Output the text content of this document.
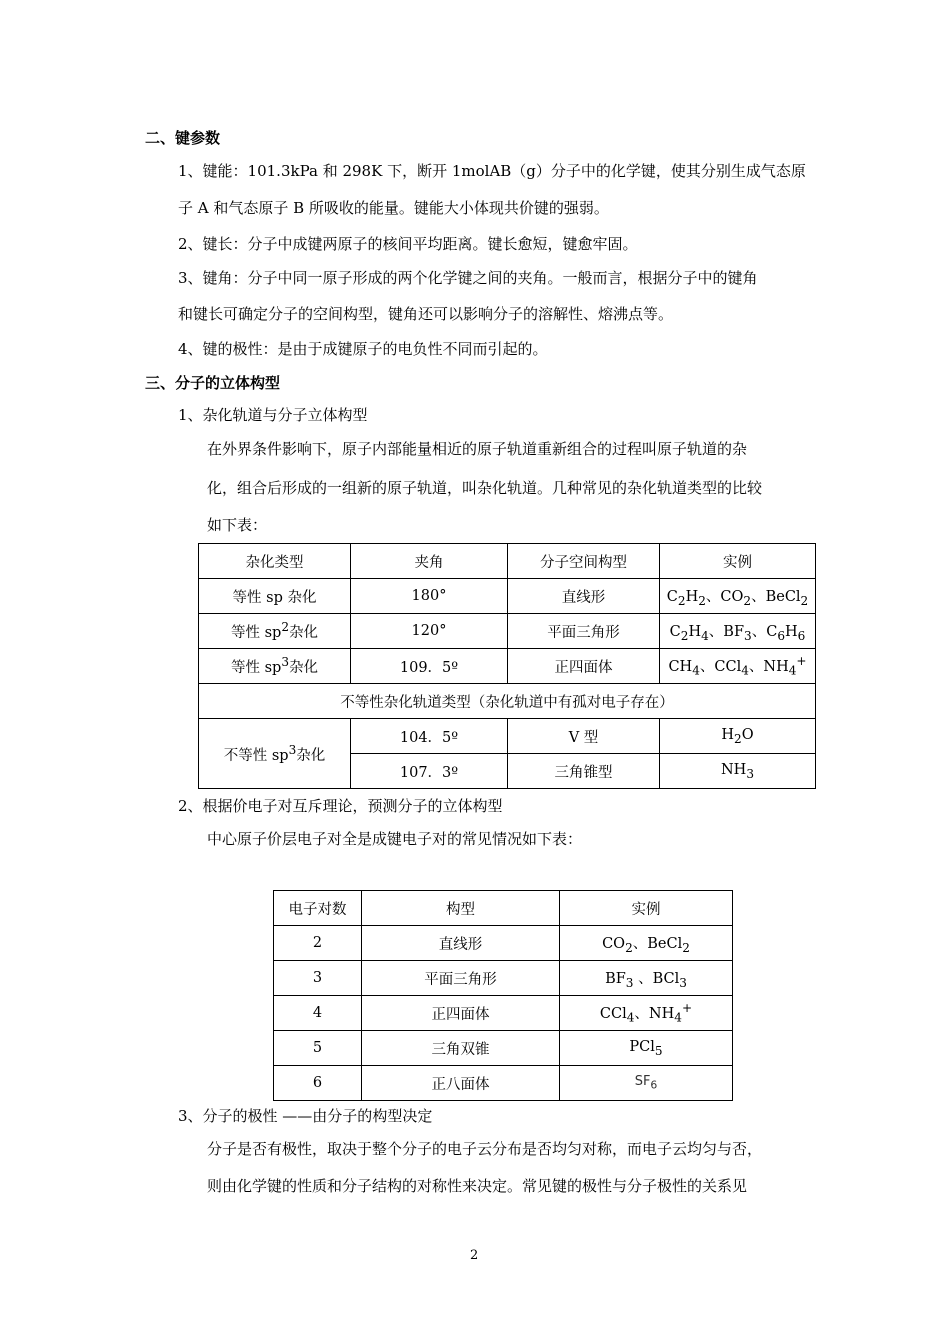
二、键参数
1、键能：101.3kPa 和 298K 下，断开 1molAB（g）分子中的化学键，使其分别生成气态原
子 A 和气态原子 B 所吸收的能量。键能大小体现共价键的强弱。
2、键长：分子中成键两原子的核间平均距离。键长愈短，键愈牢固。
3、键角：分子中同一原子形成的两个化学键之间的夹角。一般而言，根据分子中的键角
和键长可确定分子的空间构型，键角还可以影响分子的溶解性、熔沸点等。
4、键的极性：是由于成键原子的电负性不同而引起的。
三、分子的立体构型
1、杂化轨道与分子立体构型
在外界条件影响下，原子内部能量相近的原子轨道重新组合的过程叫原子轨道的杂
化，组合后形成的一组新的原子轨道，叫杂化轨道。几种常见的杂化轨道类型的比较
如下表：
杂化类型	夹角	分子空间构型	实例
等性 sp 杂化	180°	直线形	$C_2H_2$、$CO_2$、BeCl$_2$
等性 $sp^2$杂化	120°	平面三角形	$C_2H_4$、$BF_3$、$C_6H_6$
等性 $sp^3$杂化	109．5º	正四面体	$CH_4$、CCl$_4$、$NH_4^+$
不等性杂化轨道类型（杂化轨道中有孤对电子存在）			
不等性 $sp^3$杂化	104．5º	V 型	$H_2O$
	107．3º	三角锥型	$NH_3$
2、根据价电子对互斥理论，预测分子的立体构型
中心原子价层电子对全是成键电子对的常见情况如下表：
电子对数	构型	实例
2	直线形	$CO_2$、BeCl$_2$
3	平面三角形	$BF_3$ 、BCl$_3$
4	正四面体	CCl$_4$、$NH_4^+$
5	三角双锥	PCl$_5$
6	正八面体	$SF_6$
3、分子的极性 ——由分子的构型决定
分子是否有极性，取决于整个分子的电子云分布是否均匀对称，而电子云均匀与否，
则由化学键的性质和分子结构的对称性来决定。常见键的极性与分子极性的关系见
2
